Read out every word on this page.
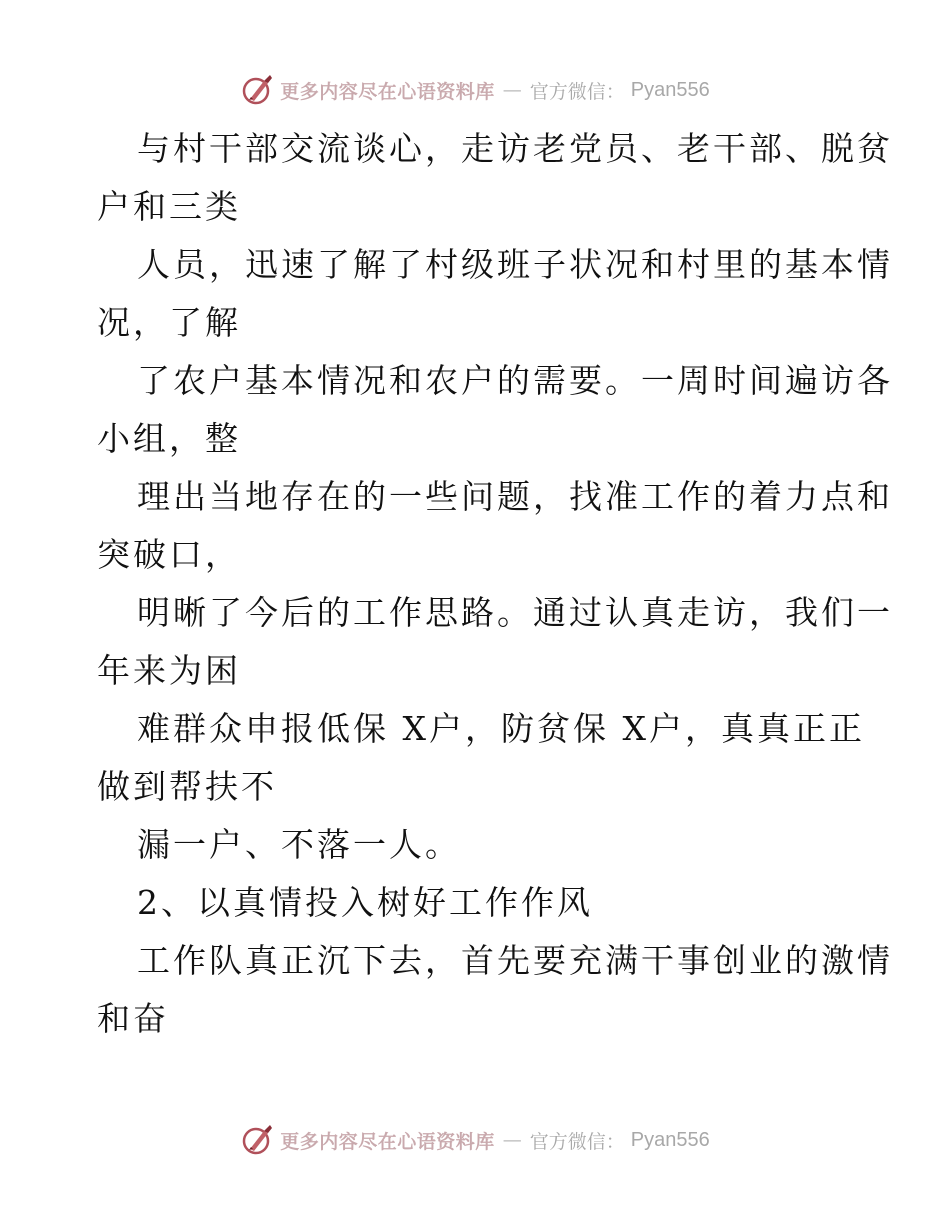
更多内容尽在心语资料库 — 官方微信： Pyan556
与村干部交流谈心，走访老党员、老干部、脱贫
户和三类
人员，迅速了解了村级班子状况和村里的基本情
况，了解
了农户基本情况和农户的需要。一周时间遍访各
小组，整
理出当地存在的一些问题，找准工作的着力点和
突破口，
明晰了今后的工作思路。通过认真走访，我们一
年来为困
难群众申报低保 X户，防贫保 X户，真真正正
做到帮扶不
漏一户、不落一人。
2、以真情投入树好工作作风
工作队真正沉下去，首先要充满干事创业的激情
和奋
更多内容尽在心语资料库 — 官方微信： Pyan556
